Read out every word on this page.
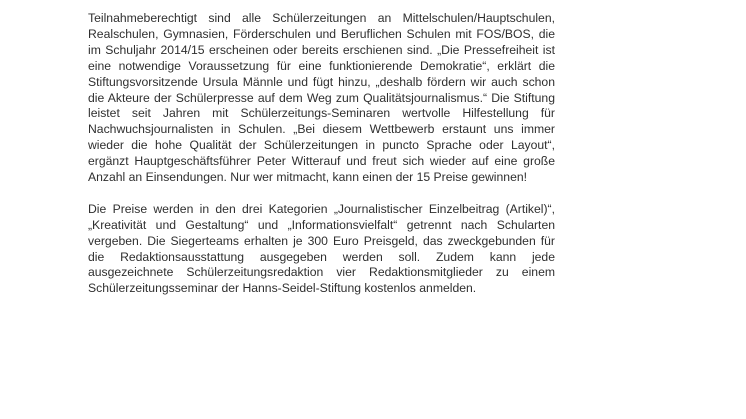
Teilnahmeberechtigt sind alle Schülerzeitungen an Mittelschulen/Hauptschulen, Realschulen, Gymnasien, Förderschulen und Beruflichen Schulen mit FOS/BOS, die im Schuljahr 2014/15 erscheinen oder bereits erschienen sind. „Die Pressefreiheit ist eine notwendige Voraussetzung für eine funktionierende Demokratie“, erklärt die Stiftungsvorsitzende Ursula Männle und fügt hinzu, „deshalb fördern wir auch schon die Akteure der Schülerpresse auf dem Weg zum Qualitätsjournalismus.“ Die Stiftung leistet seit Jahren mit Schülerzeitungs-Seminaren wertvolle Hilfestellung für Nachwuchsjournalisten in Schulen. „Bei diesem Wettbewerb erstaunt uns immer wieder die hohe Qualität der Schülerzeitungen in puncto Sprache oder Layout“, ergänzt Hauptgeschäftsführer Peter Witterauf und freut sich wieder auf eine große Anzahl an Einsendungen. Nur wer mitmacht, kann einen der 15 Preise gewinnen!

Die Preise werden in den drei Kategorien „Journalistischer Einzelbeitrag (Artikel)“, „Kreativität und Gestaltung“ und „Informationsvielfalt“ getrennt nach Schularten vergeben. Die Siegerteams erhalten je 300 Euro Preisgeld, das zweckgebunden für die Redaktionsausstattung ausgegeben werden soll. Zudem kann jede ausgezeichnete Schülerzeitungsredaktion vier Redaktionsmitglieder zu einem Schülerzeitungsseminar der Hanns-Seidel-Stiftung kostenlos anmelden.
